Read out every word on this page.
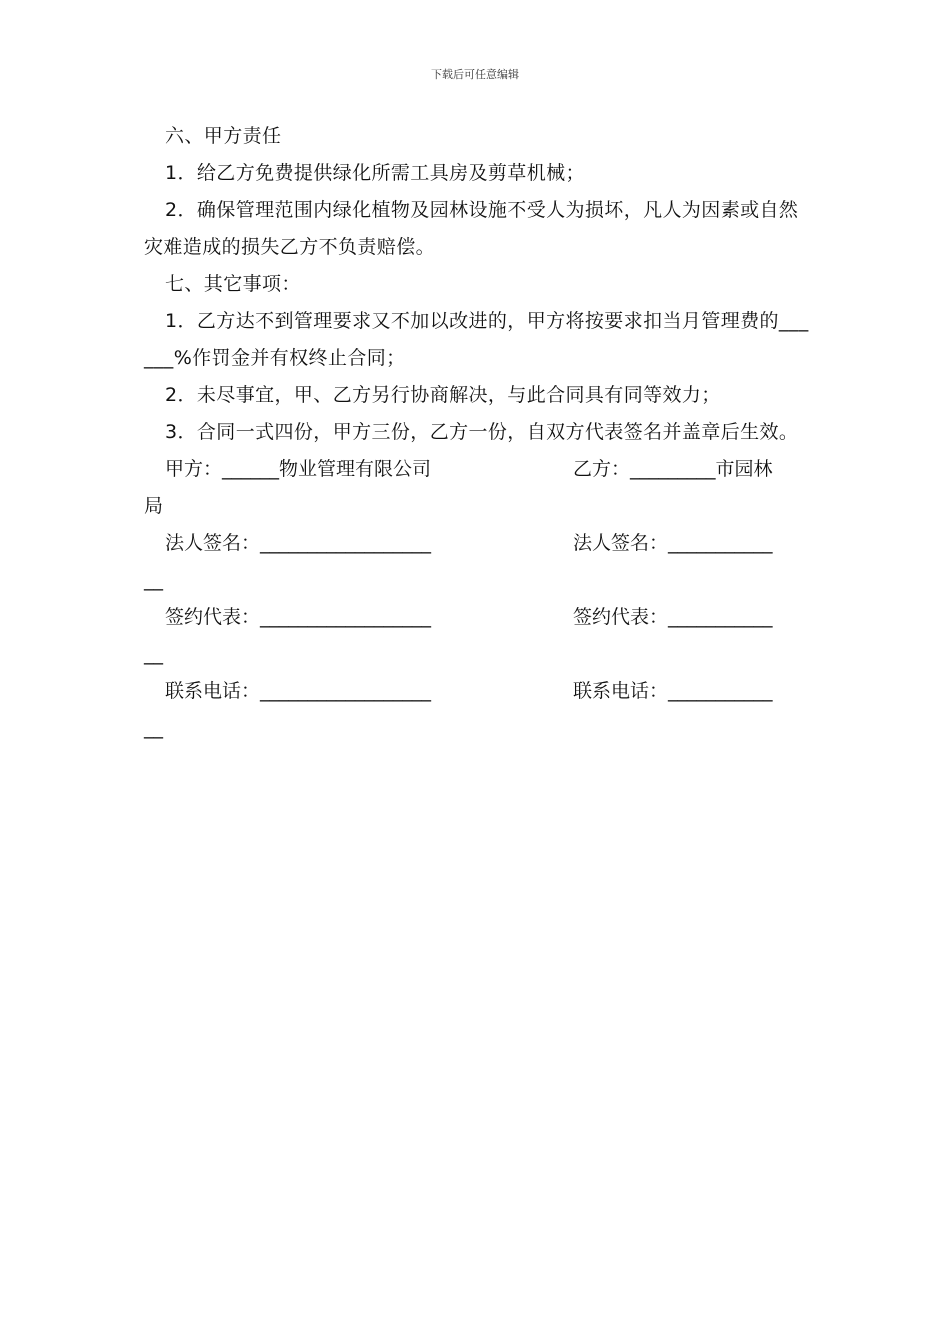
下载后可任意编辑

六、甲方责任

1．给乙方免费提供绿化所需工具房及剪草机械；

2．确保管理范围内绿化植物及园林设施不受人为损坏，凡人为因素或自然灾难造成的损失乙方不负责赔偿。

七、其它事项：

1．乙方达不到管理要求又不加以改进的，甲方将按要求扣当月管理费的______%作罚金并有权终止合同；

2．未尽事宜，甲、乙方另行协商解决，与此合同具有同等效力；

3．合同一式四份，甲方三份，乙方一份，自双方代表签名并盖章后生效。

甲方：______物业管理有限公司	乙方：_________市园林
局
法人签名：__________________	法人签名：___________
__
签约代表：__________________	签约代表：___________
__
联系电话：__________________	联系电话：___________
__
